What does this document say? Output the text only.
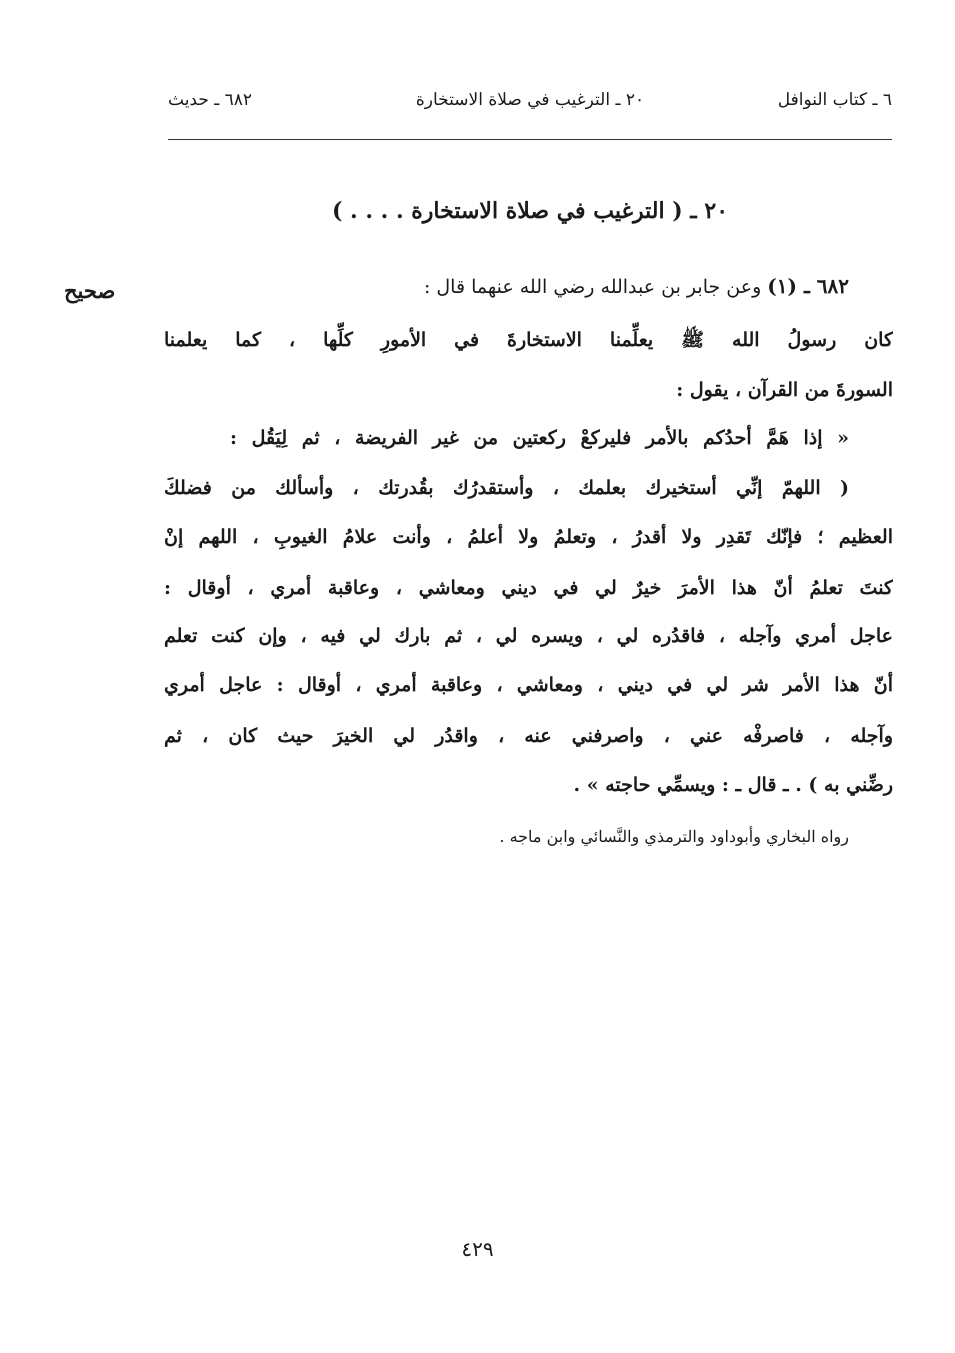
٦ ـ كتاب النوافل
٢٠ ـ الترغيب في صلاة الاستخارة
٦٨٢ ـ حديث
٢٠ ـ ( الترغيب في صلاة الاستخارة . . . . )
صحيح	٦٨٢ ـ (١) وعن جابر بن عبدالله رضي الله عنهما قال :
كان رسولُ الله ﷺ يعلِّمنا الاستخارةَ في الأمورِ كلِّها ، كما يعلمنا
السورةَ من القرآن ، يقول :
« إذا هَمَّ أحدُكم بالأمر فليركعْ ركعتين من غير الفريضة ، ثم لِيَقُل :
( اللهمّ إنِّي أستخيرك بعلمك ، وأستقدرُك بقُدرتك ، وأسألك من فضلكَ
العظيم ؛ فإنّك تَقدِر ولا أقدرُ ، وتعلمُ ولا أعلمُ ، وأنت علامُ الغيوبِ ، اللهم إنْ
كنتَ تعلمُ أنّ هذا الأمرَ خيرٌ لي في ديني ومعاشي ، وعاقبة أمري ، أوقال :
عاجل أمري وآجله ، فاقدُره لي ، ويسره لي ، ثم بارك لي فيه ، وإن كنت تعلم
أنّ هذا الأمر شر لي في ديني ، ومعاشي ، وعاقبة أمري ، أوقال : عاجل أمري
وآجله ، فاصرفْه عني ، واصرفني عنه ، واقدُر لي الخيرَ حيث كان ، ثم
رضِّني به ) . ـ قال ـ : ويسمِّي حاجته » .
رواه البخاري وأبوداود والترمذي والنَّسائي وابن ماجه .
٤٢٩
